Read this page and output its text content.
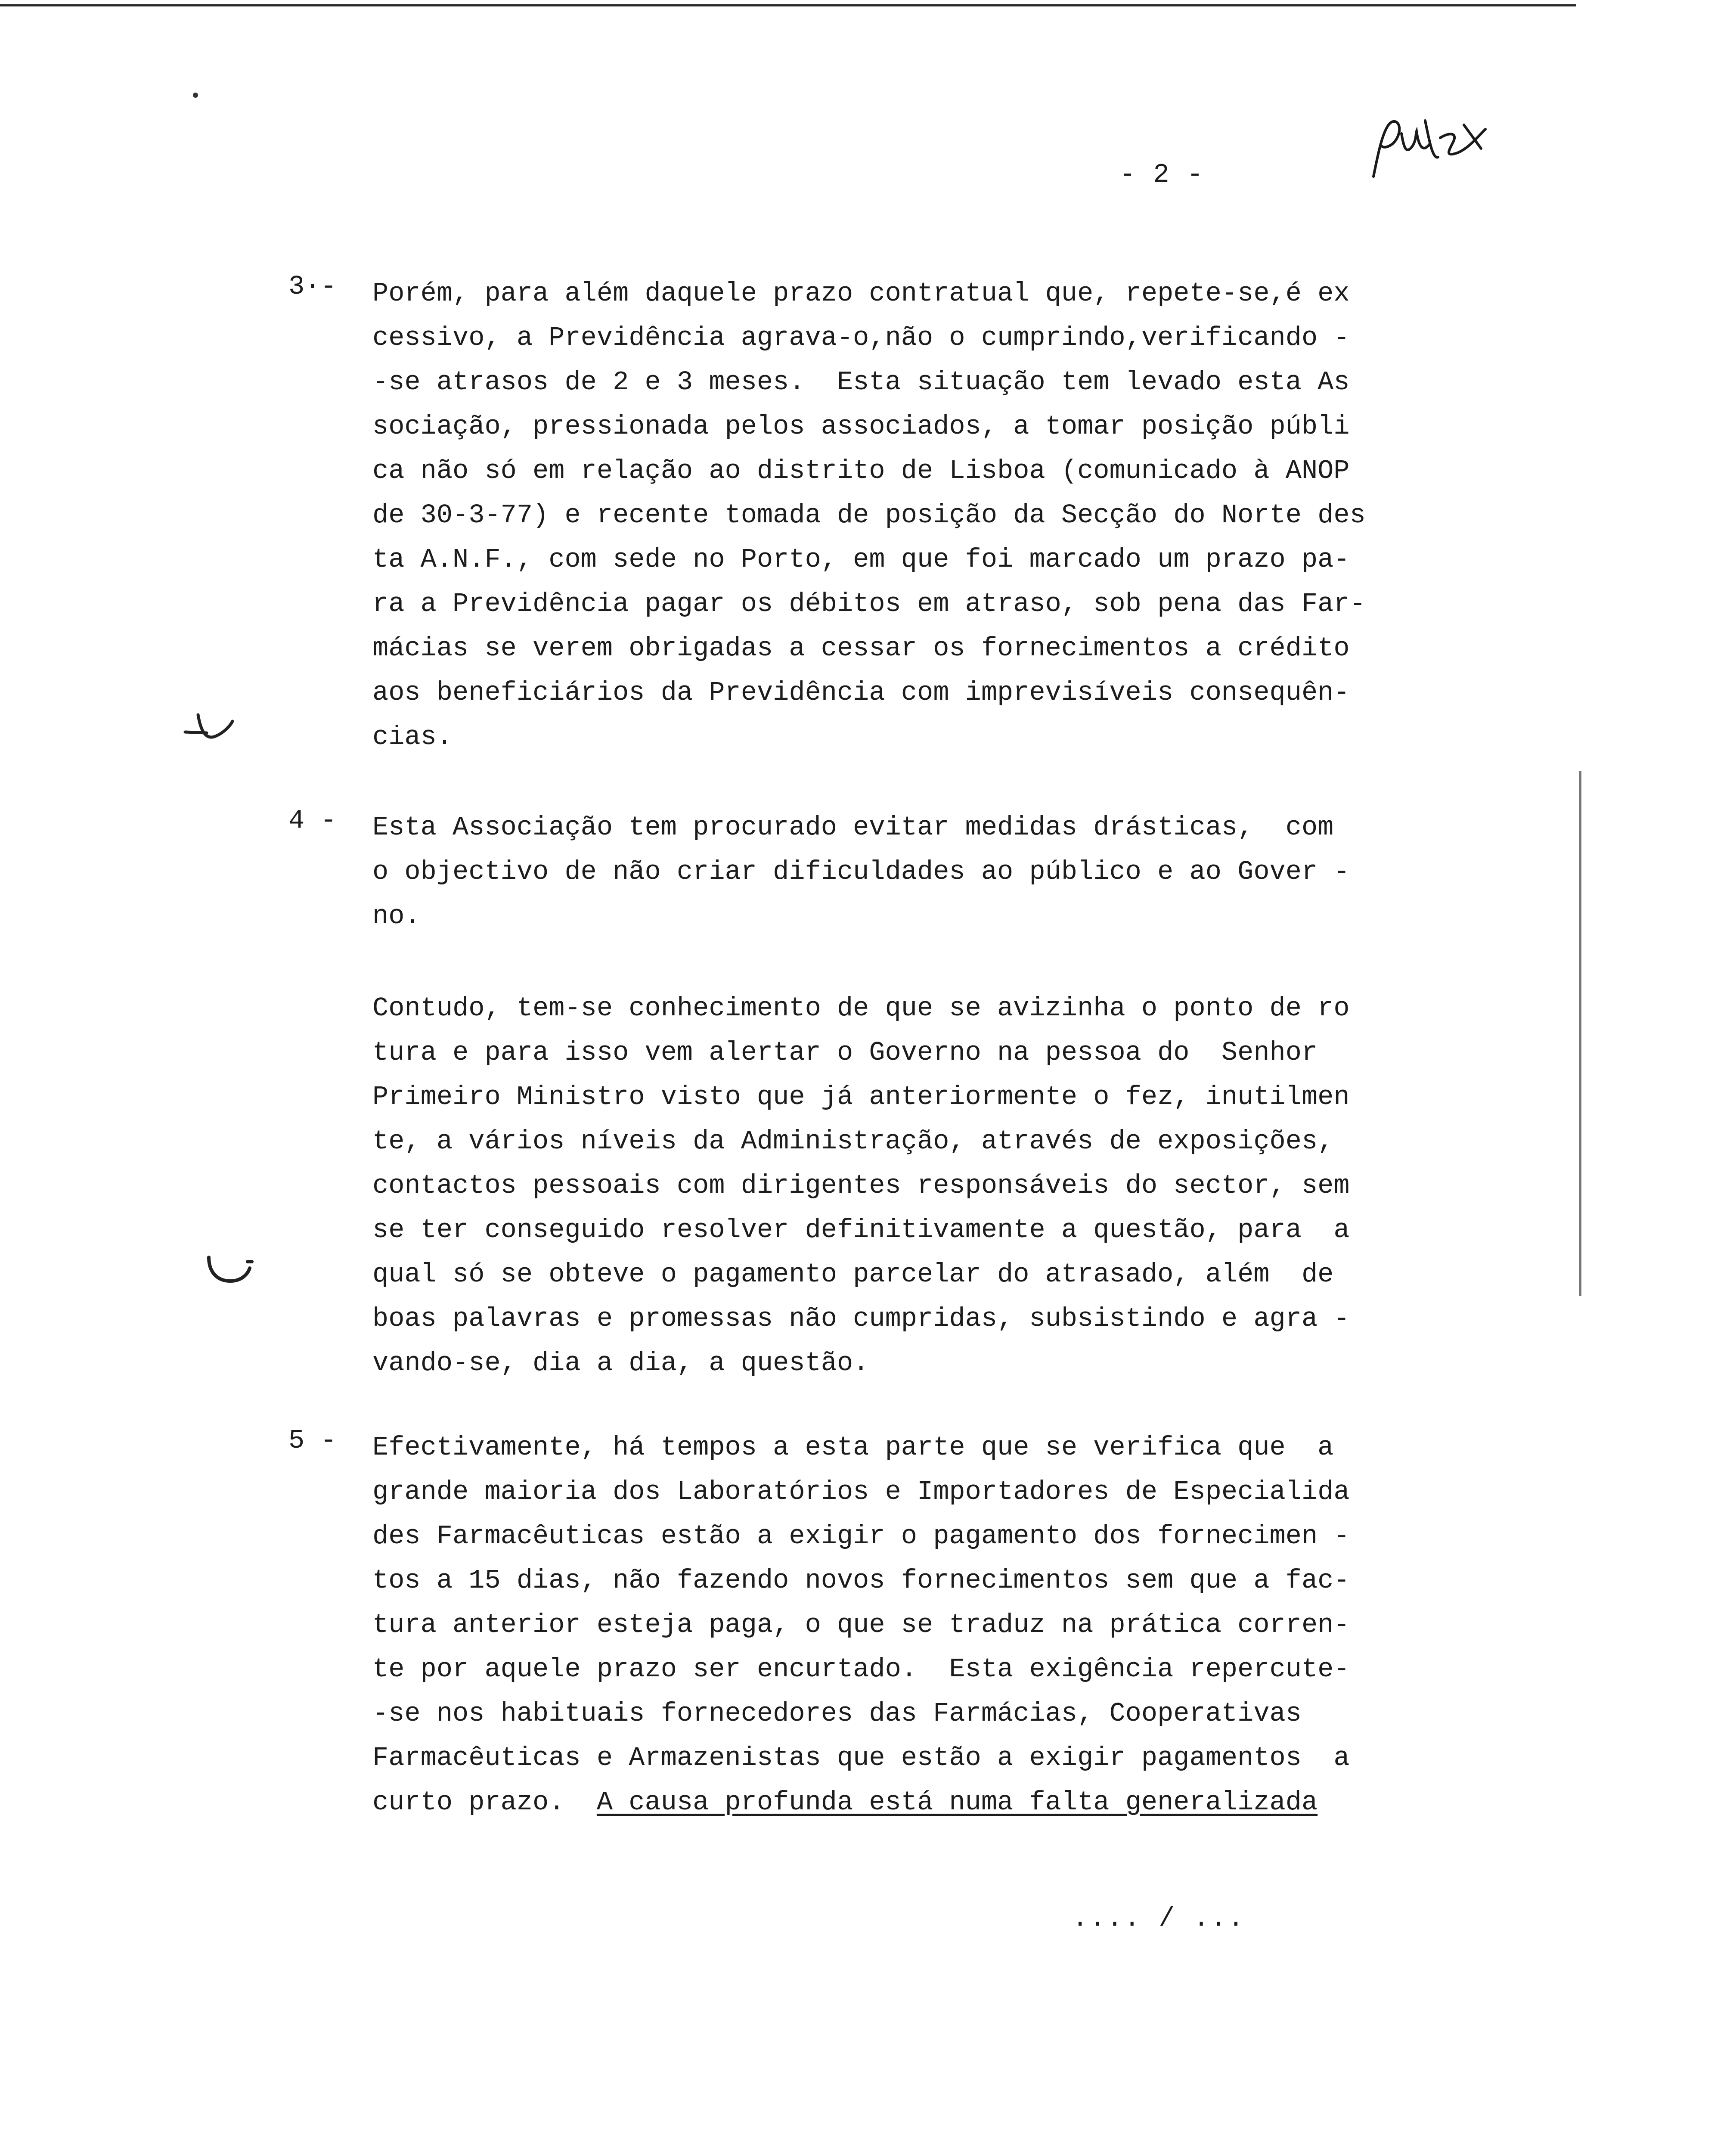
- 2 -
3·- Porém, para além daquele prazo contratual que, repete-se,é ex
cessivo, a Previdência agrava-o,não o cumprindo,verificando -
-se atrasos de 2 e 3 meses.  Esta situação tem levado esta As
sociação, pressionada pelos associados, a tomar posição públi
ca não só em relação ao distrito de Lisboa (comunicado à ANOP
de 30-3-77) e recente tomada de posição da Secção do Norte des
ta A.N.F., com sede no Porto, em que foi marcado um prazo pa-
ra a Previdência pagar os débitos em atraso, sob pena das Far-
mácias se verem obrigadas a cessar os fornecimentos a crédito
aos beneficiários da Previdência com imprevisíveis consequên-
cias.
4 - Esta Associação tem procurado evitar medidas drásticas,  com
o objectivo de não criar dificuldades ao público e ao Gover -
no.
Contudo, tem-se conhecimento de que se avizinha o ponto de ro
tura e para isso vem alertar o Governo na pessoa do  Senhor
Primeiro Ministro visto que já anteriormente o fez, inutilmen
te, a vários níveis da Administração, através de exposições,
contactos pessoais com dirigentes responsáveis do sector, sem
se ter conseguido resolver definitivamente a questão, para  a
qual só se obteve o pagamento parcelar do atrasado, além  de
boas palavras e promessas não cumpridas, subsistindo e agra -
vando-se, dia a dia, a questão.
5 - Efectivamente, há tempos a esta parte que se verifica que  a
grande maioria dos Laboratórios e Importadores de Especialida
des Farmacêuticas estão a exigir o pagamento dos fornecimen -
tos a 15 dias, não fazendo novos fornecimentos sem que a fac-
tura anterior esteja paga, o que se traduz na prática corren-
te por aquele prazo ser encurtado.  Esta exigência repercute-
-se nos habituais fornecedores das Farmácias, Cooperativas
Farmacêuticas e Armazenistas que estão a exigir pagamentos  a
curto prazo.  A causa profunda está numa falta generalizada
.... / ...
